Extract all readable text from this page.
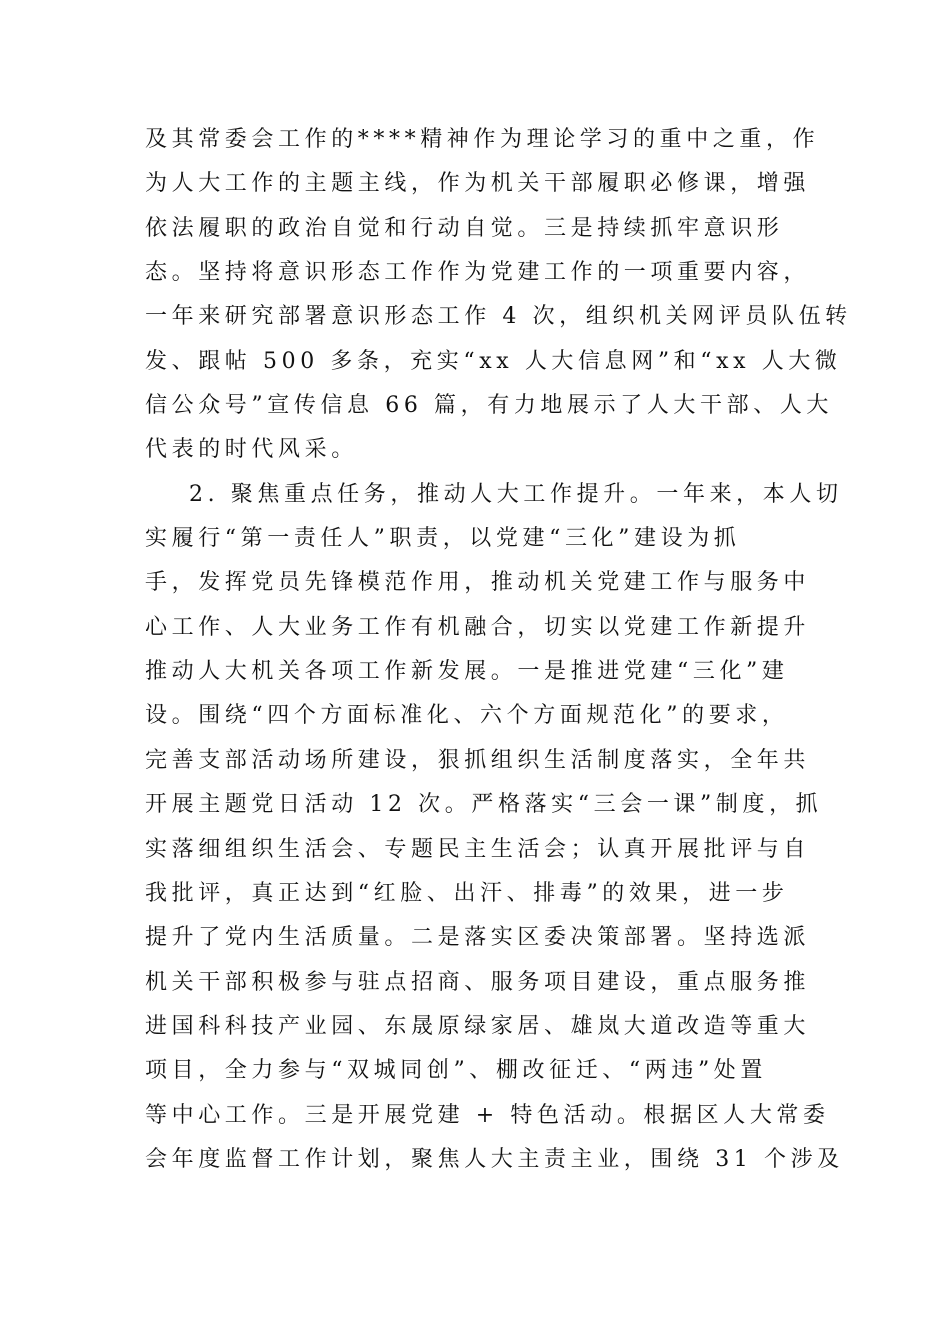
及其常委会工作的****精神作为理论学习的重中之重，作
为人大工作的主题主线，作为机关干部履职必修课，增强
依法履职的政治自觉和行动自觉。三是持续抓牢意识形
态。坚持将意识形态工作作为党建工作的一项重要内容，
一年来研究部署意识形态工作 4 次，组织机关网评员队伍转
发、跟帖 500 多条，充实“xx 人大信息网”和“xx 人大微
信公众号”宣传信息 66 篇，有力地展示了人大干部、人大
代表的时代风采。
2. 聚焦重点任务，推动人大工作提升。一年来，本人切
实履行“第一责任人”职责，以党建“三化”建设为抓
手，发挥党员先锋模范作用，推动机关党建工作与服务中
心工作、人大业务工作有机融合，切实以党建工作新提升
推动人大机关各项工作新发展。一是推进党建“三化”建
设。围绕“四个方面标准化、六个方面规范化”的要求，
完善支部活动场所建设，狠抓组织生活制度落实，全年共
开展主题党日活动 12 次。严格落实“三会一课”制度，抓
实落细组织生活会、专题民主生活会；认真开展批评与自
我批评，真正达到“红脸、出汗、排毒”的效果，进一步
提升了党内生活质量。二是落实区委决策部署。坚持选派
机关干部积极参与驻点招商、服务项目建设，重点服务推
进国科科技产业园、东晟原绿家居、雄岚大道改造等重大
项目，全力参与“双城同创”、棚改征迁、“两违”处置
等中心工作。三是开展党建 + 特色活动。根据区人大常委
会年度监督工作计划，聚焦人大主责主业，围绕 31 个涉及
